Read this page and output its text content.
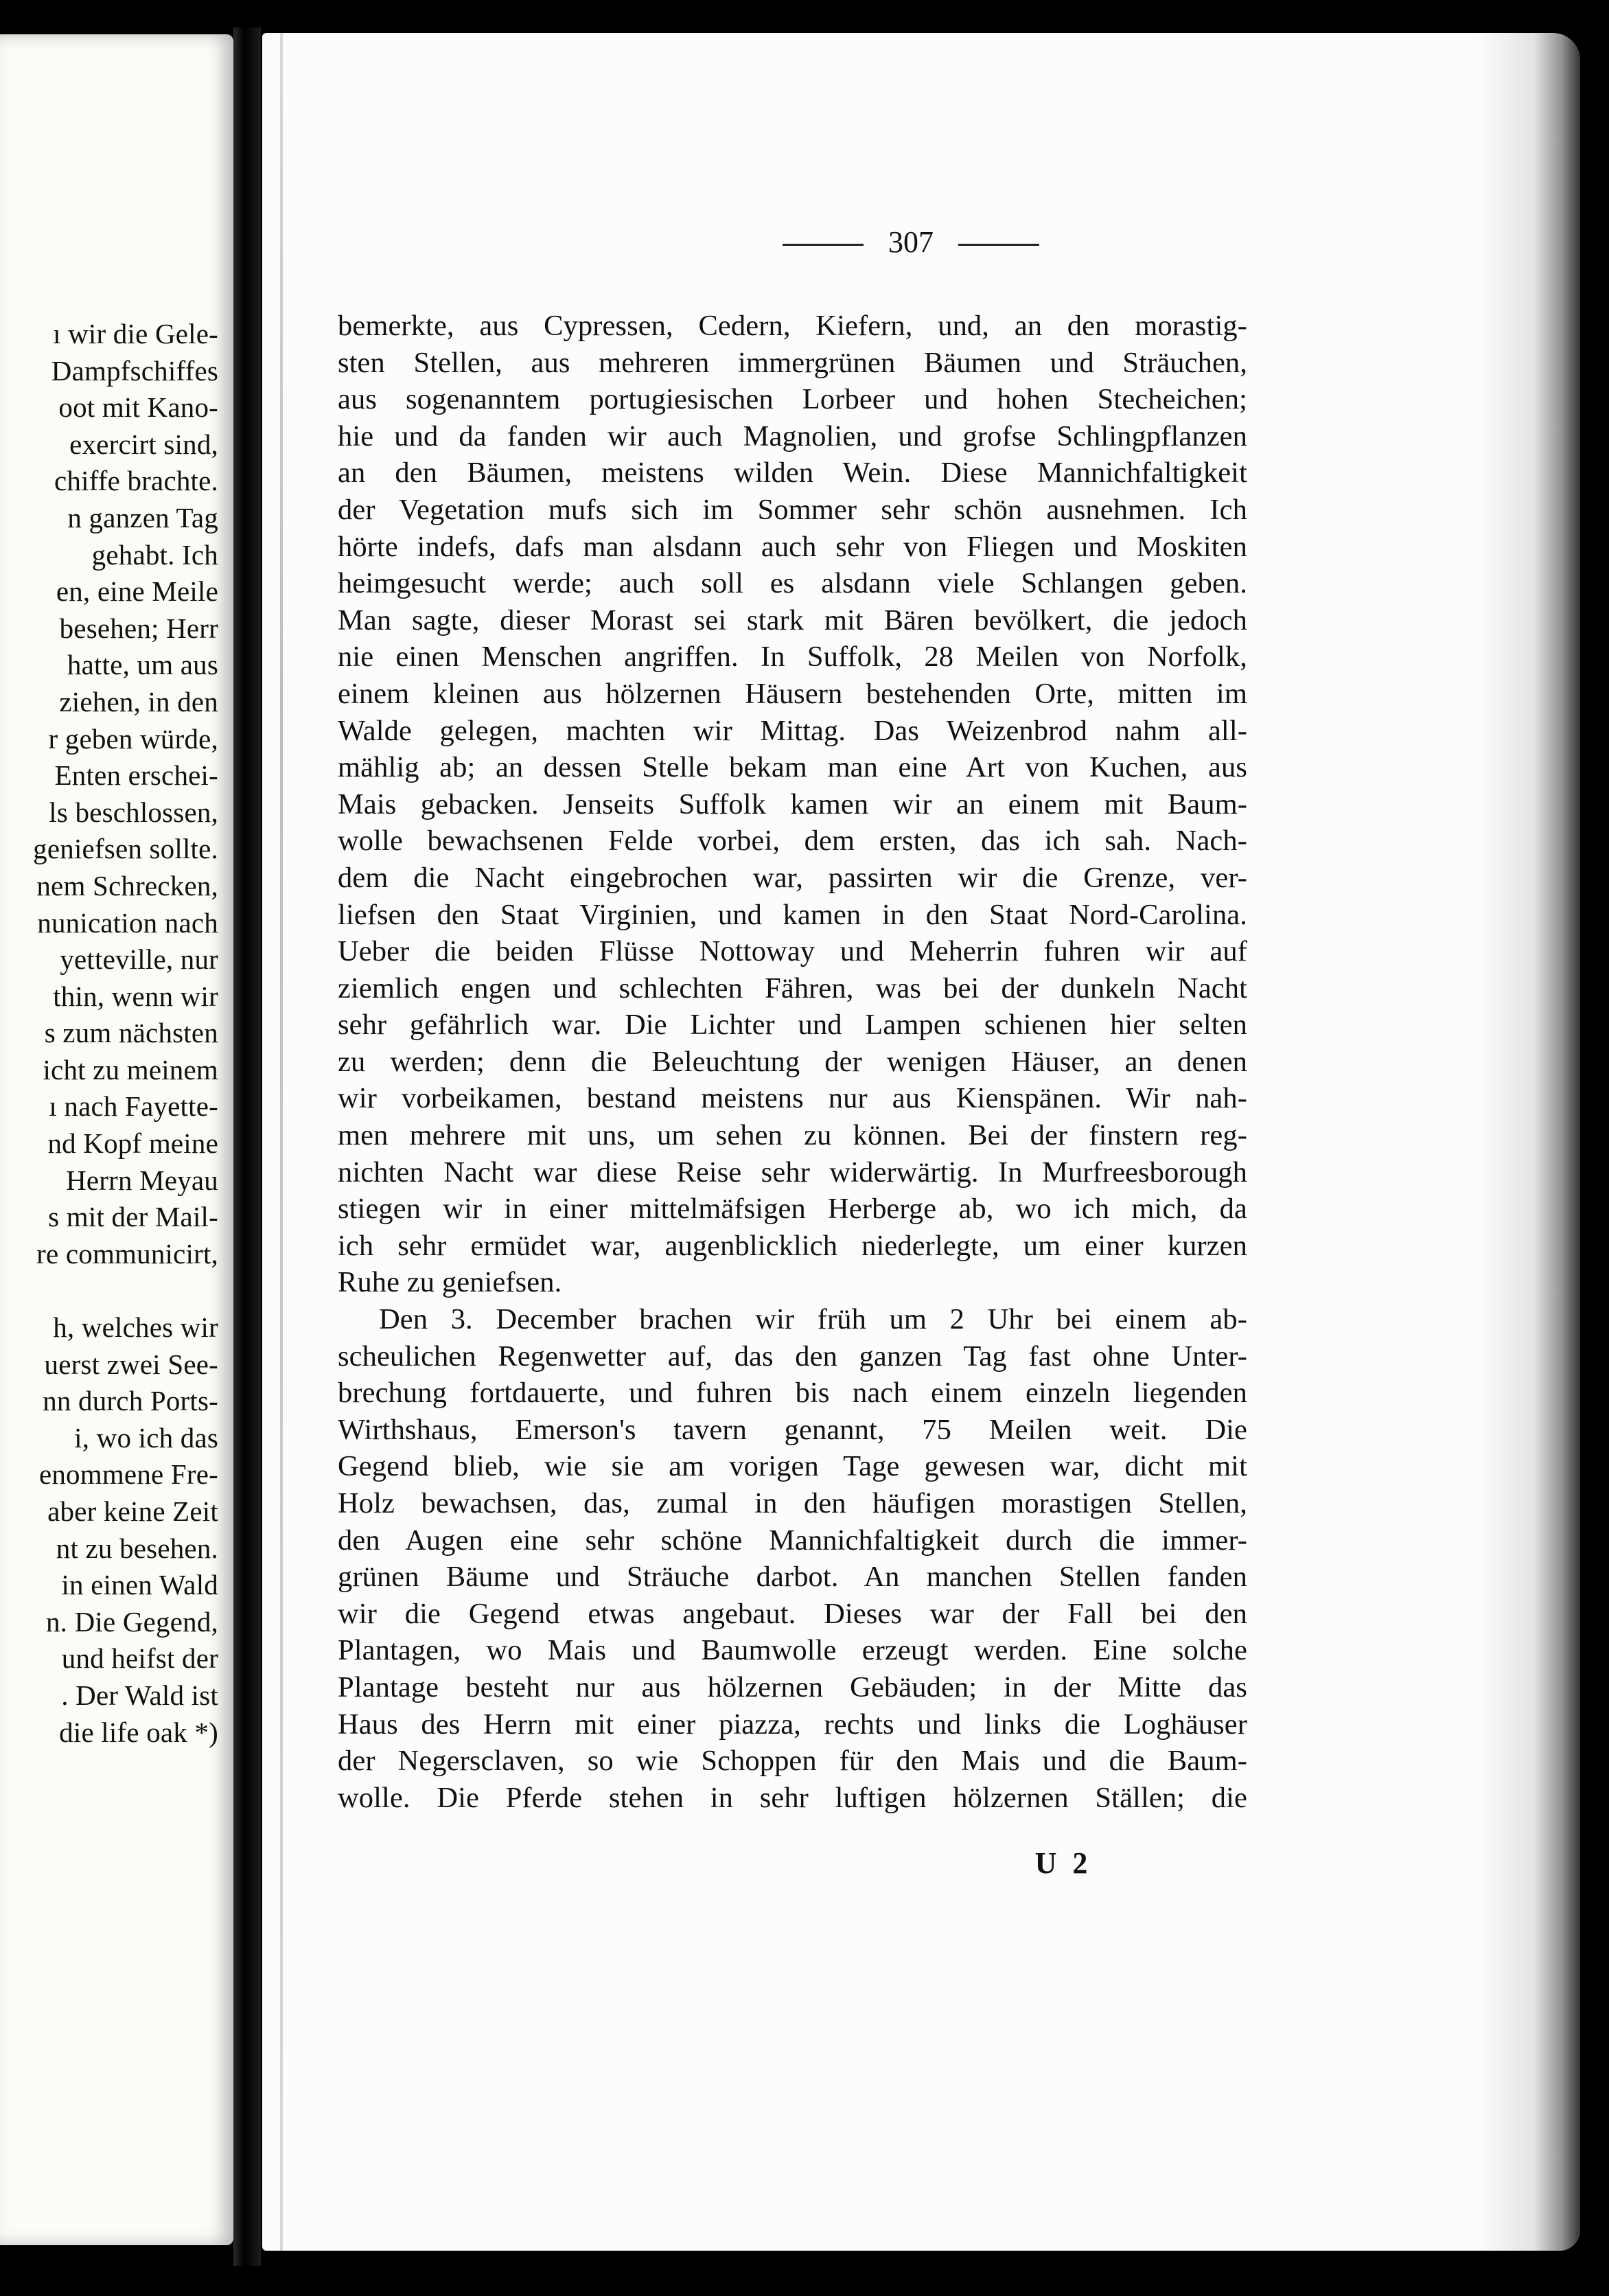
ı wir die Gele-
Dampfschiffes
oot mit Kano-
exercirt sind,
chiffe brachte.
n ganzen Tag
gehabt. Ich
en, eine Meile
besehen; Herr
hatte, um aus
ziehen, in den
r geben würde,
Enten erschei-
ls beschlossen,
geniefsen sollte.
nem Schrecken,
nunication nach
yetteville, nur
thin, wenn wir
s zum nächsten
icht zu meinem
ı nach Fayette-
nd Kopf meine
Herrn Meyau
s mit der Mail-
re communicirt,

h, welches wir
uerst zwei See-
nn durch Ports-
i, wo ich das
enommene Fre-
aber keine Zeit
nt zu besehen.
in einen Wald
n. Die Gegend,
und heifst der
. Der Wald ist
die life oak *)
307
bemerkte, aus Cypressen, Cedern, Kiefern, und, an den morastig-
sten Stellen, aus mehreren immergrünen Bäumen und Sträuchen,
aus sogenanntem portugiesischen Lorbeer und hohen Stecheichen;
hie und da fanden wir auch Magnolien, und grofse Schlingpflanzen
an den Bäumen, meistens wilden Wein. Diese Mannichfaltigkeit
der Vegetation mufs sich im Sommer sehr schön ausnehmen. Ich
hörte indefs, dafs man alsdann auch sehr von Fliegen und Moskiten
heimgesucht werde; auch soll es alsdann viele Schlangen geben.
Man sagte, dieser Morast sei stark mit Bären bevölkert, die jedoch
nie einen Menschen angriffen. In Suffolk, 28 Meilen von Norfolk,
einem kleinen aus hölzernen Häusern bestehenden Orte, mitten im
Walde gelegen, machten wir Mittag. Das Weizenbrod nahm all-
mählig ab; an dessen Stelle bekam man eine Art von Kuchen, aus
Mais gebacken. Jenseits Suffolk kamen wir an einem mit Baum-
wolle bewachsenen Felde vorbei, dem ersten, das ich sah. Nach-
dem die Nacht eingebrochen war, passirten wir die Grenze, ver-
liefsen den Staat Virginien, und kamen in den Staat Nord-Carolina.
Ueber die beiden Flüsse Nottoway und Meherrin fuhren wir auf
ziemlich engen und schlechten Fähren, was bei der dunkeln Nacht
sehr gefährlich war. Die Lichter und Lampen schienen hier selten
zu werden; denn die Beleuchtung der wenigen Häuser, an denen
wir vorbeikamen, bestand meistens nur aus Kienspänen. Wir nah-
men mehrere mit uns, um sehen zu können. Bei der finstern reg-
nichten Nacht war diese Reise sehr widerwärtig. In Murfreesborough
stiegen wir in einer mittelmäfsigen Herberge ab, wo ich mich, da
ich sehr ermüdet war, augenblicklich niederlegte, um einer kurzen
Ruhe zu geniefsen.
Den 3. December brachen wir früh um 2 Uhr bei einem ab-
scheulichen Regenwetter auf, das den ganzen Tag fast ohne Unter-
brechung fortdauerte, und fuhren bis nach einem einzeln liegenden
Wirthshaus, Emerson's tavern genannt, 75 Meilen weit. Die
Gegend blieb, wie sie am vorigen Tage gewesen war, dicht mit
Holz bewachsen, das, zumal in den häufigen morastigen Stellen,
den Augen eine sehr schöne Mannichfaltigkeit durch die immer-
grünen Bäume und Sträuche darbot. An manchen Stellen fanden
wir die Gegend etwas angebaut. Dieses war der Fall bei den
Plantagen, wo Mais und Baumwolle erzeugt werden. Eine solche
Plantage besteht nur aus hölzernen Gebäuden; in der Mitte das
Haus des Herrn mit einer piazza, rechts und links die Loghäuser
der Negersclaven, so wie Schoppen für den Mais und die Baum-
wolle. Die Pferde stehen in sehr luftigen hölzernen Ställen; die
U 2
